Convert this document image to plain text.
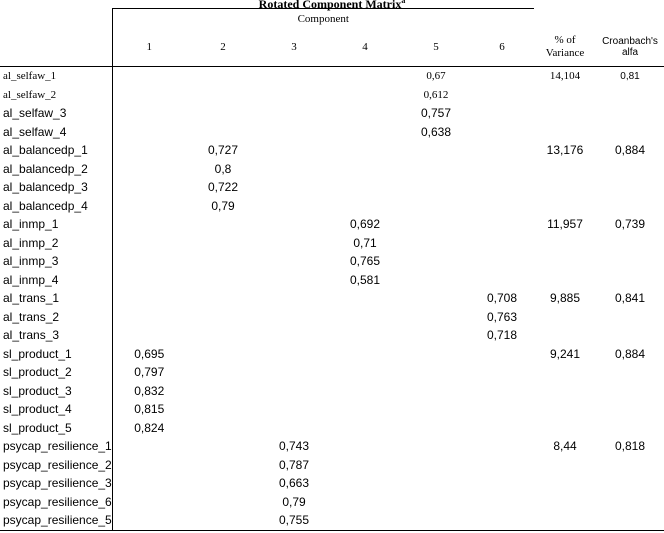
Rotated Component Matrix$^a$
	Component							
	1	2	3	4	5	6	% of
Variance	Croanbach's
alfa
al_selfaw_1					0,67		14,104	0,81
al_selfaw_2					0,612			
al_selfaw_3					0,757			
al_selfaw_4					0,638			
al_balancedp_1		0,727					13,176	0,884
al_balancedp_2		0,8						
al_balancedp_3		0,722						
al_balancedp_4		0,79						
al_inmp_1				0,692			11,957	0,739
al_inmp_2				0,71				
al_inmp_3				0,765				
al_inmp_4				0,581				
al_trans_1						0,708	9,885	0,841
al_trans_2						0,763		
al_trans_3						0,718		
sl_product_1	0,695						9,241	0,884
sl_product_2	0,797							
sl_product_3	0,832							
sl_product_4	0,815							
sl_product_5	0,824							
psycap_resilience_1			0,743				8,44	0,818
psycap_resilience_2			0,787					
psycap_resilience_3			0,663					
psycap_resilience_6			0,79					
psycap_resilience_5			0,755					
